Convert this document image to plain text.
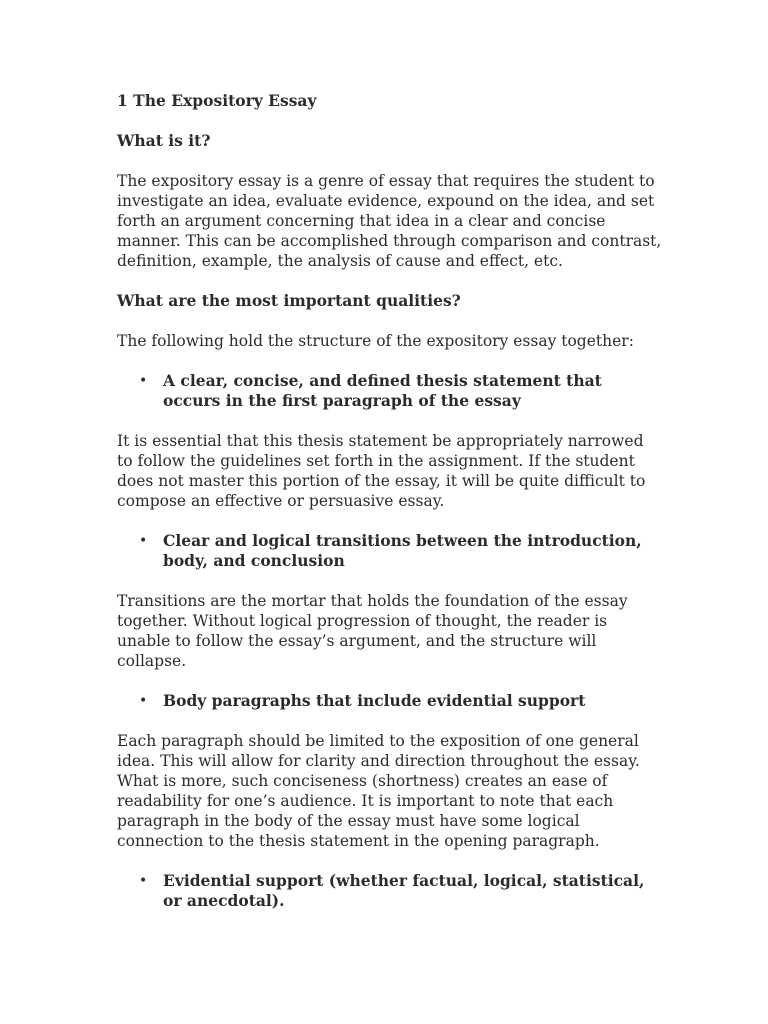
1 The Expository Essay
What is it?
The expository essay is a genre of essay that requires the student to investigate an idea, evaluate evidence, expound on the idea, and set forth an argument concerning that idea in a clear and concise manner. This can be accomplished through comparison and contrast, definition, example, the analysis of cause and effect, etc.
What are the most important qualities?
The following hold the structure of the expository essay together:
• A clear, concise, and defined thesis statement that occurs in the first paragraph of the essay
It is essential that this thesis statement be appropriately narrowed to follow the guidelines set forth in the assignment. If the student does not master this portion of the essay, it will be quite difficult to compose an effective or persuasive essay.
• Clear and logical transitions between the introduction, body, and conclusion
Transitions are the mortar that holds the foundation of the essay together. Without logical progression of thought, the reader is unable to follow the essay’s argument, and the structure will collapse.
• Body paragraphs that include evidential support
Each paragraph should be limited to the exposition of one general idea. This will allow for clarity and direction throughout the essay. What is more, such conciseness (shortness) creates an ease of readability for one’s audience. It is important to note that each paragraph in the body of the essay must have some logical connection to the thesis statement in the opening paragraph.
• Evidential support (whether factual, logical, statistical, or anecdotal).
